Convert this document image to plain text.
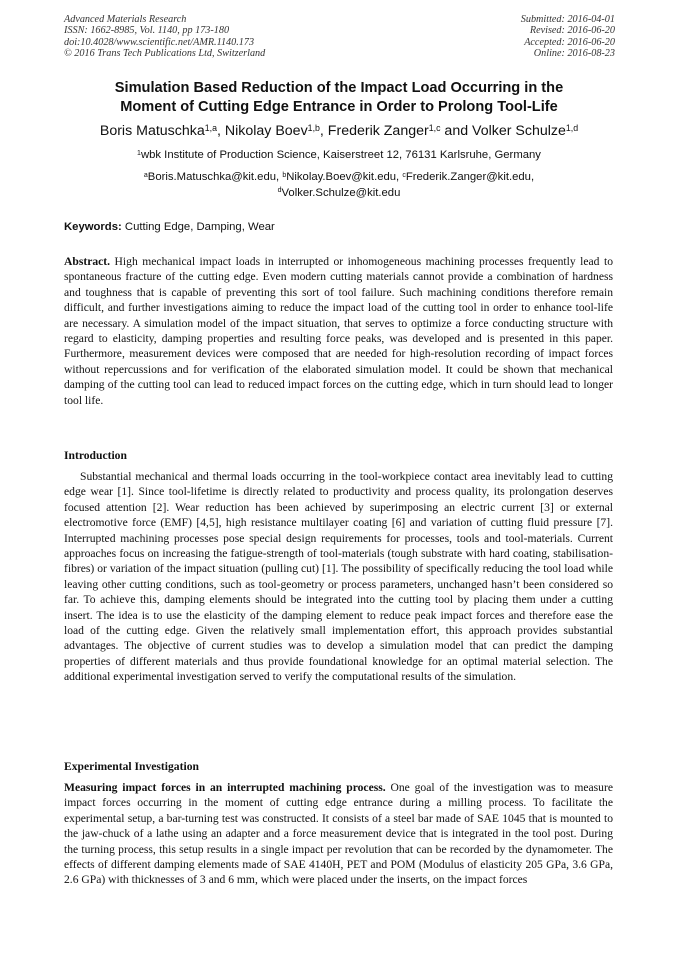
Advanced Materials Research
ISSN: 1662-8985, Vol. 1140, pp 173-180
doi:10.4028/www.scientific.net/AMR.1140.173
© 2016 Trans Tech Publications Ltd, Switzerland
Submitted: 2016-04-01
Revised: 2016-06-20
Accepted: 2016-06-20
Online: 2016-08-23
Simulation Based Reduction of the Impact Load Occurring in the
Moment of Cutting Edge Entrance in Order to Prolong Tool-Life
Boris Matuschka$^{1,a}$, Nikolay Boev$^{1,b}$, Frederik Zanger$^{1,c}$ and Volker Schulze$^{1,d}$
$^1$wbk Institute of Production Science, Kaiserstreet 12, 76131 Karlsruhe, Germany
$^a$Boris.Matuschka@kit.edu, $^b$Nikolay.Boev@kit.edu, $^c$Frederik.Zanger@kit.edu,
$^d$Volker.Schulze@kit.edu
Keywords: Cutting Edge, Damping, Wear
Abstract. High mechanical impact loads in interrupted or inhomogeneous machining processes frequently lead to spontaneous fracture of the cutting edge. Even modern cutting materials cannot provide a combination of hardness and toughness that is capable of preventing this sort of tool failure. Such machining conditions therefore remain difficult, and further investigations aiming to reduce the impact load of the cutting tool in order to enhance tool-life are necessary. A simulation model of the impact situation, that serves to optimize a force conducting structure with regard to elasticity, damping properties and resulting force peaks, was developed and is presented in this paper. Furthermore, measurement devices were composed that are needed for high-resolution recording of impact forces without repercussions and for verification of the elaborated simulation model. It could be shown that mechanical damping of the cutting tool can lead to reduced impact forces on the cutting edge, which in turn should lead to longer tool life.
Introduction
Substantial mechanical and thermal loads occurring in the tool-workpiece contact area inevitably lead to cutting edge wear [1]. Since tool-lifetime is directly related to productivity and process quality, its prolongation deserves focused attention [2]. Wear reduction has been achieved by superimposing an electric current [3] or external electromotive force (EMF) [4,5], high resistance multilayer coating [6] and variation of cutting fluid pressure [7]. Interrupted machining processes pose special design requirements for processes, tools and tool-materials. Current approaches focus on increasing the fatigue-strength of tool-materials (tough substrate with hard coating, stabilisation-fibres) or variation of the impact situation (pulling cut) [1]. The possibility of specifically reducing the tool load while leaving other cutting conditions, such as tool-geometry or process parameters, unchanged hasn’t been considered so far. To achieve this, damping elements should be integrated into the cutting tool by placing them under a cutting insert. The idea is to use the elasticity of the damping element to reduce peak impact forces and therefore ease the load of the cutting edge. Given the relatively small implementation effort, this approach provides substantial advantages. The objective of current studies was to develop a simulation model that can predict the damping properties of different materials and thus provide foundational knowledge for an optimal material selection. The additional experimental investigation served to verify the computational results of the simulation.
Experimental Investigation
Measuring impact forces in an interrupted machining process. One goal of the investigation was to measure impact forces occurring in the moment of cutting edge entrance during a milling process. To facilitate the experimental setup, a bar-turning test was constructed. It consists of a steel bar made of SAE 1045 that is mounted to the jaw-chuck of a lathe using an adapter and a force measurement device that is integrated in the tool post. During the turning process, this setup results in a single impact per revolution that can be recorded by the dynamometer. The effects of different damping elements made of SAE 4140H, PET and POM (Modulus of elasticity 205 GPa, 3.6 GPa, 2.6 GPa) with thicknesses of 3 and 6 mm, which were placed under the inserts, on the impact forces
